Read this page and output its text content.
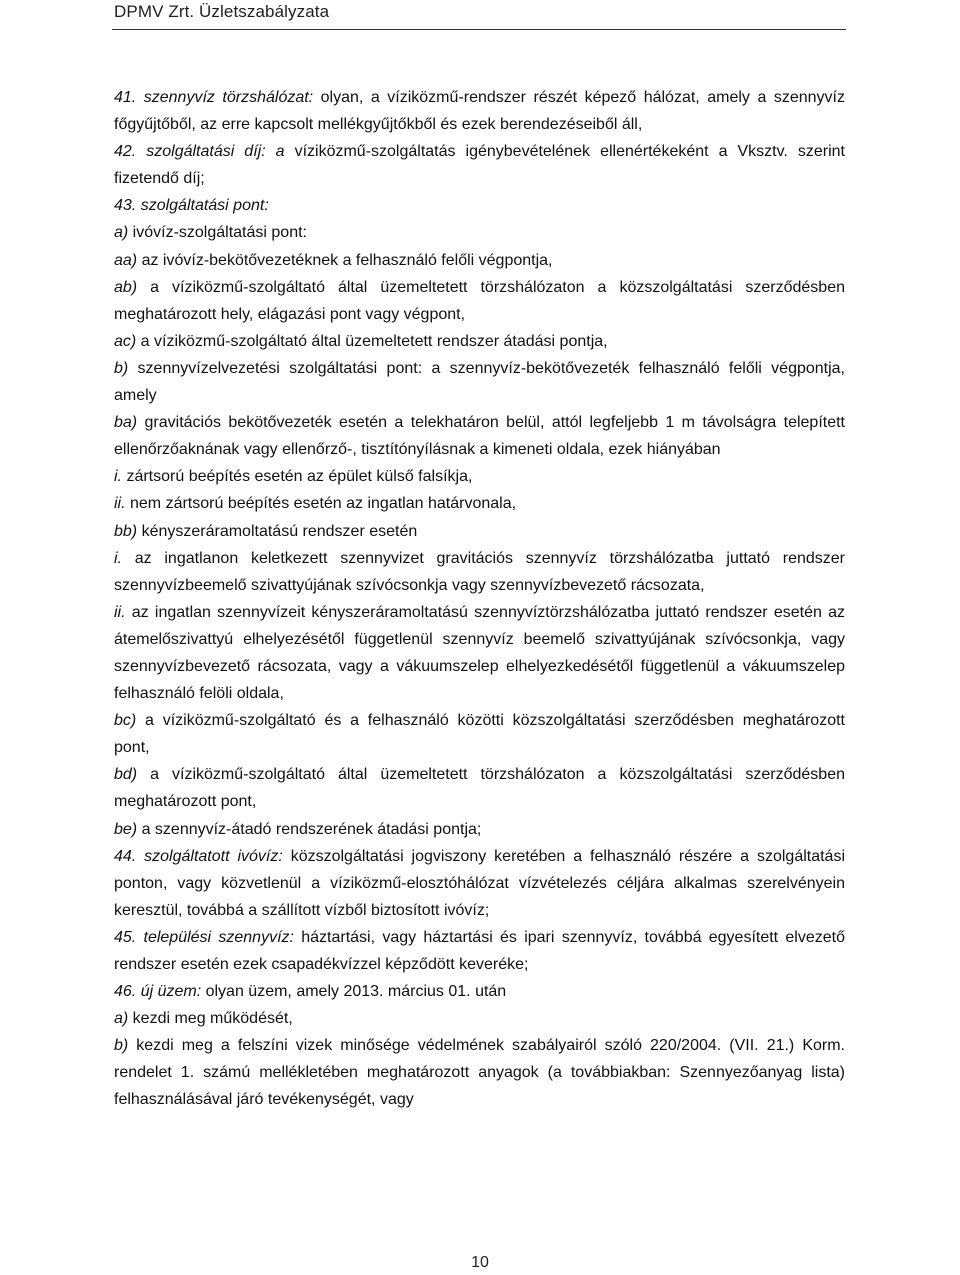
DPMV Zrt. Üzletszabályzata

41. szennyvíz törzshálózat: olyan, a víziközmű-rendszer részét képező hálózat, amely a szennyvíz főgyűjtőből, az erre kapcsolt mellékgyűjtőkből és ezek berendezéseiből áll,

42. szolgáltatási díj: a víziközmű-szolgáltatás igénybevételének ellenértékeként a Vksztv. szerint fizetendő díj;

43. szolgáltatási pont:

a) ivóvíz-szolgáltatási pont:

aa) az ivóvíz-bekötővezetéknek a felhasználó felőli végpontja,

ab) a víziközmű-szolgáltató által üzemeltetett törzshálózaton a közszolgáltatási szerződésben meghatározott hely, elágazási pont vagy végpont,

ac) a víziközmű-szolgáltató által üzemeltetett rendszer átadási pontja,

b) szennyvízelvezetési szolgáltatási pont: a szennyvíz-bekötővezeték felhasználó felőli végpontja, amely

ba) gravitációs bekötővezeték esetén a telekhatáron belül, attól legfeljebb 1 m távolságra telepített ellenőrzőaknának vagy ellenőrző-, tisztítónyílásnak a kimeneti oldala, ezek hiányában

i. zártsorú beépítés esetén az épület külső falsíkja,

ii. nem zártsorú beépítés esetén az ingatlan határvonala,

bb) kényszeráramoltatású rendszer esetén

i. az ingatlanon keletkezett szennyvizet gravitációs szennyvíz törzshálózatba juttató rendszer szennyvízbeemelő szivattyújának szívócsonkja vagy szennyvízbevezető rácsozata,

ii. az ingatlan szennyvízeit kényszeráramoltatású szennyvíztörzshálózatba juttató rendszer esetén az átemelőszivattyú elhelyezésétől függetlenül szennyvíz beemelő szivattyújának szívócsonkja, vagy szennyvízbevezető rácsozata, vagy a vákuumszelep elhelyezkedésétől függetlenül a vákuumszelep felhasználó felöli oldala,

bc) a víziközmű-szolgáltató és a felhasználó közötti közszolgáltatási szerződésben meghatározott pont,

bd) a víziközmű-szolgáltató által üzemeltetett törzshálózaton a közszolgáltatási szerződésben meghatározott pont,

be) a szennyvíz-átadó rendszerének átadási pontja;

44. szolgáltatott ivóvíz: közszolgáltatási jogviszony keretében a felhasználó részére a szolgáltatási ponton, vagy közvetlenül a víziközmű-elosztóhálózat vízvételezés céljára alkalmas szerelvényein keresztül, továbbá a szállított vízből biztosított ivóvíz;

45. települési szennyvíz: háztartási, vagy háztartási és ipari szennyvíz, továbbá egyesített elvezető rendszer esetén ezek csapadékvízzel képződött keveréke;

46. új üzem: olyan üzem, amely 2013. március 01. után

a) kezdi meg működését,

b) kezdi meg a felszíni vizek minősége védelmének szabályairól szóló 220/2004. (VII. 21.) Korm. rendelet 1. számú mellékletében meghatározott anyagok (a továbbiakban: Szennyezőanyag lista) felhasználásával járó tevékenységét, vagy

10
